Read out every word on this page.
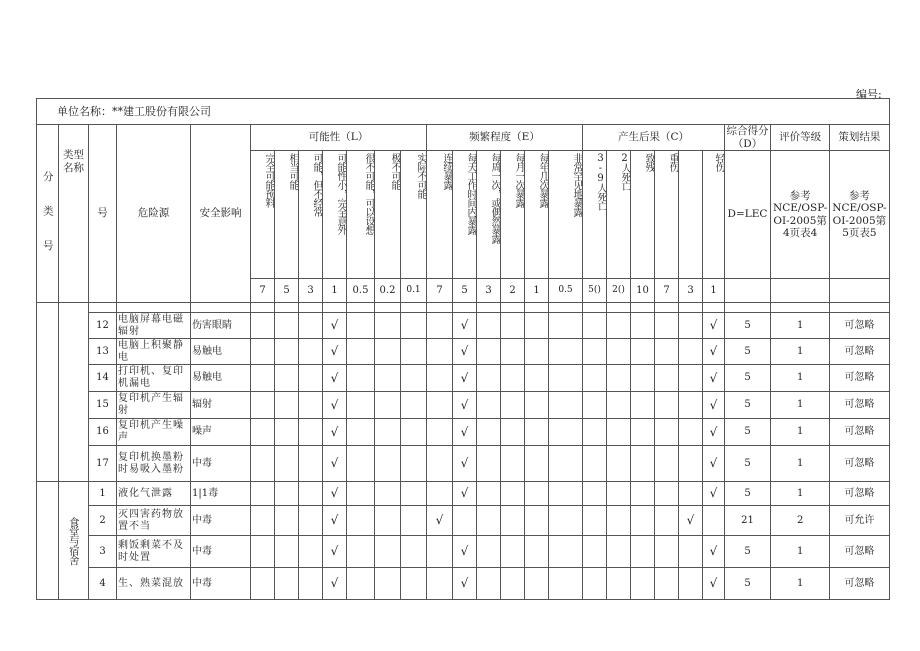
编号:
单位名称：**建工股份有限公司																										
分 类 号	类型名称	号	危险源	安全影响	可能性（L）							频繁程度（E）						产生后果（C）						综合得分（D）	评价等级	策划结果
					完全可能预料	相当可能	可能，但不经常	可能性小，完全意外	很不可能，可以设想	极不可能	实际不可能	连续暴露	每天工作时间内暴露	每周一次，或偶然暴露	每月一次暴露	每年几次暴露	非常罕见地暴露	3-9人死亡	2人死亡	致残	重伤		轻伤	D=LEC	参考NCE/OSP-OI-2005第4页表4	参考NCE/OSP-OI-2005第5页表5
					7	5	3	1	0.5	0.2	0.1	7	5	3	2	1	0.5	5()	2()	10	7	3	1			

		12	电脑屏幕电磁辐射	伤害眼睛				√					√										√	5	1	可忽略
		13	电脑上积聚静电	易触电				√					√										√	5	1	可忽略
		14	打印机、复印机漏电	易触电				√					√										√	5	1	可忽略
		15	复印机产生辐射	辐射				√					√										√	5	1	可忽略
		16	复印机产生噪声	噪声				√					√										√	5	1	可忽略
		17	复印机换墨粉时易吸入墨粉	中毒				√					√										√	5	1	可忽略
	食堂与宿舍	1	液化气泄露	1|1毒				√					√										√	5	1	可忽略
		2	灭四害药物放置不当	中毒				√				√										√		21	2	可允许
		3	剩饭剩菜不及时处置	中毒				√					√										√	5	1	可忽略
		4	生、熟菜混放	中毒				√					√										√	5	1	可忽略
